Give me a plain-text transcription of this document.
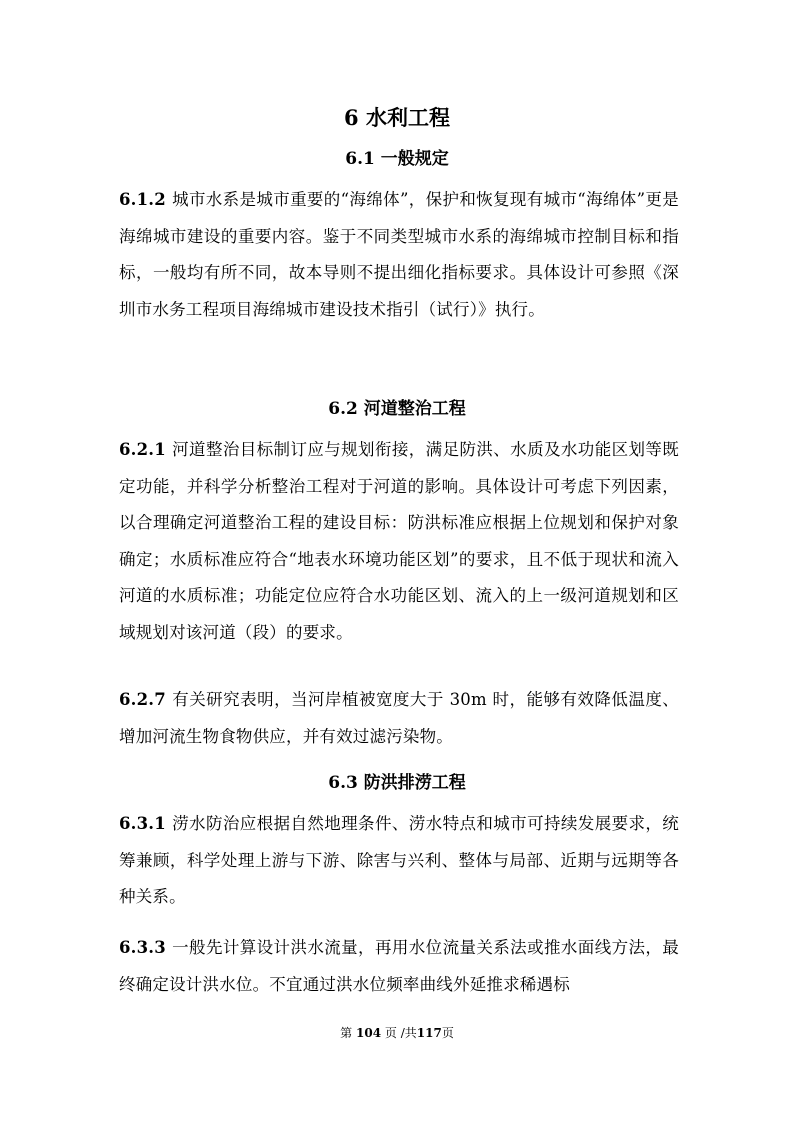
6 水利工程
6.1 一般规定
6.1.2 城市水系是城市重要的“海绵体”，保护和恢复现有城市“海绵体”更是海绵城市建设的重要内容。鉴于不同类型城市水系的海绵城市控制目标和指标，一般均有所不同，故本导则不提出细化指标要求。具体设计可参照《深圳市水务工程项目海绵城市建设技术指引（试行）》执行。
6.2 河道整治工程
6.2.1 河道整治目标制订应与规划衔接，满足防洪、水质及水功能区划等既定功能，并科学分析整治工程对于河道的影响。具体设计可考虑下列因素，以合理确定河道整治工程的建设目标：防洪标准应根据上位规划和保护对象确定；水质标准应符合“地表水环境功能区划”的要求，且不低于现状和流入河道的水质标准；功能定位应符合水功能区划、流入的上一级河道规划和区域规划对该河道（段）的要求。
6.2.7 有关研究表明，当河岸植被宽度大于 30m 时，能够有效降低温度、增加河流生物食物供应，并有效过滤污染物。
6.3 防洪排涝工程
6.3.1 涝水防治应根据自然地理条件、涝水特点和城市可持续发展要求，统筹兼顾，科学处理上游与下游、除害与兴利、整体与局部、近期与远期等各种关系。
6.3.3 一般先计算设计洪水流量，再用水位流量关系法或推水面线方法，最终确定设计洪水位。不宜通过洪水位频率曲线外延推求稀遇标
第 104 页 /共117页
